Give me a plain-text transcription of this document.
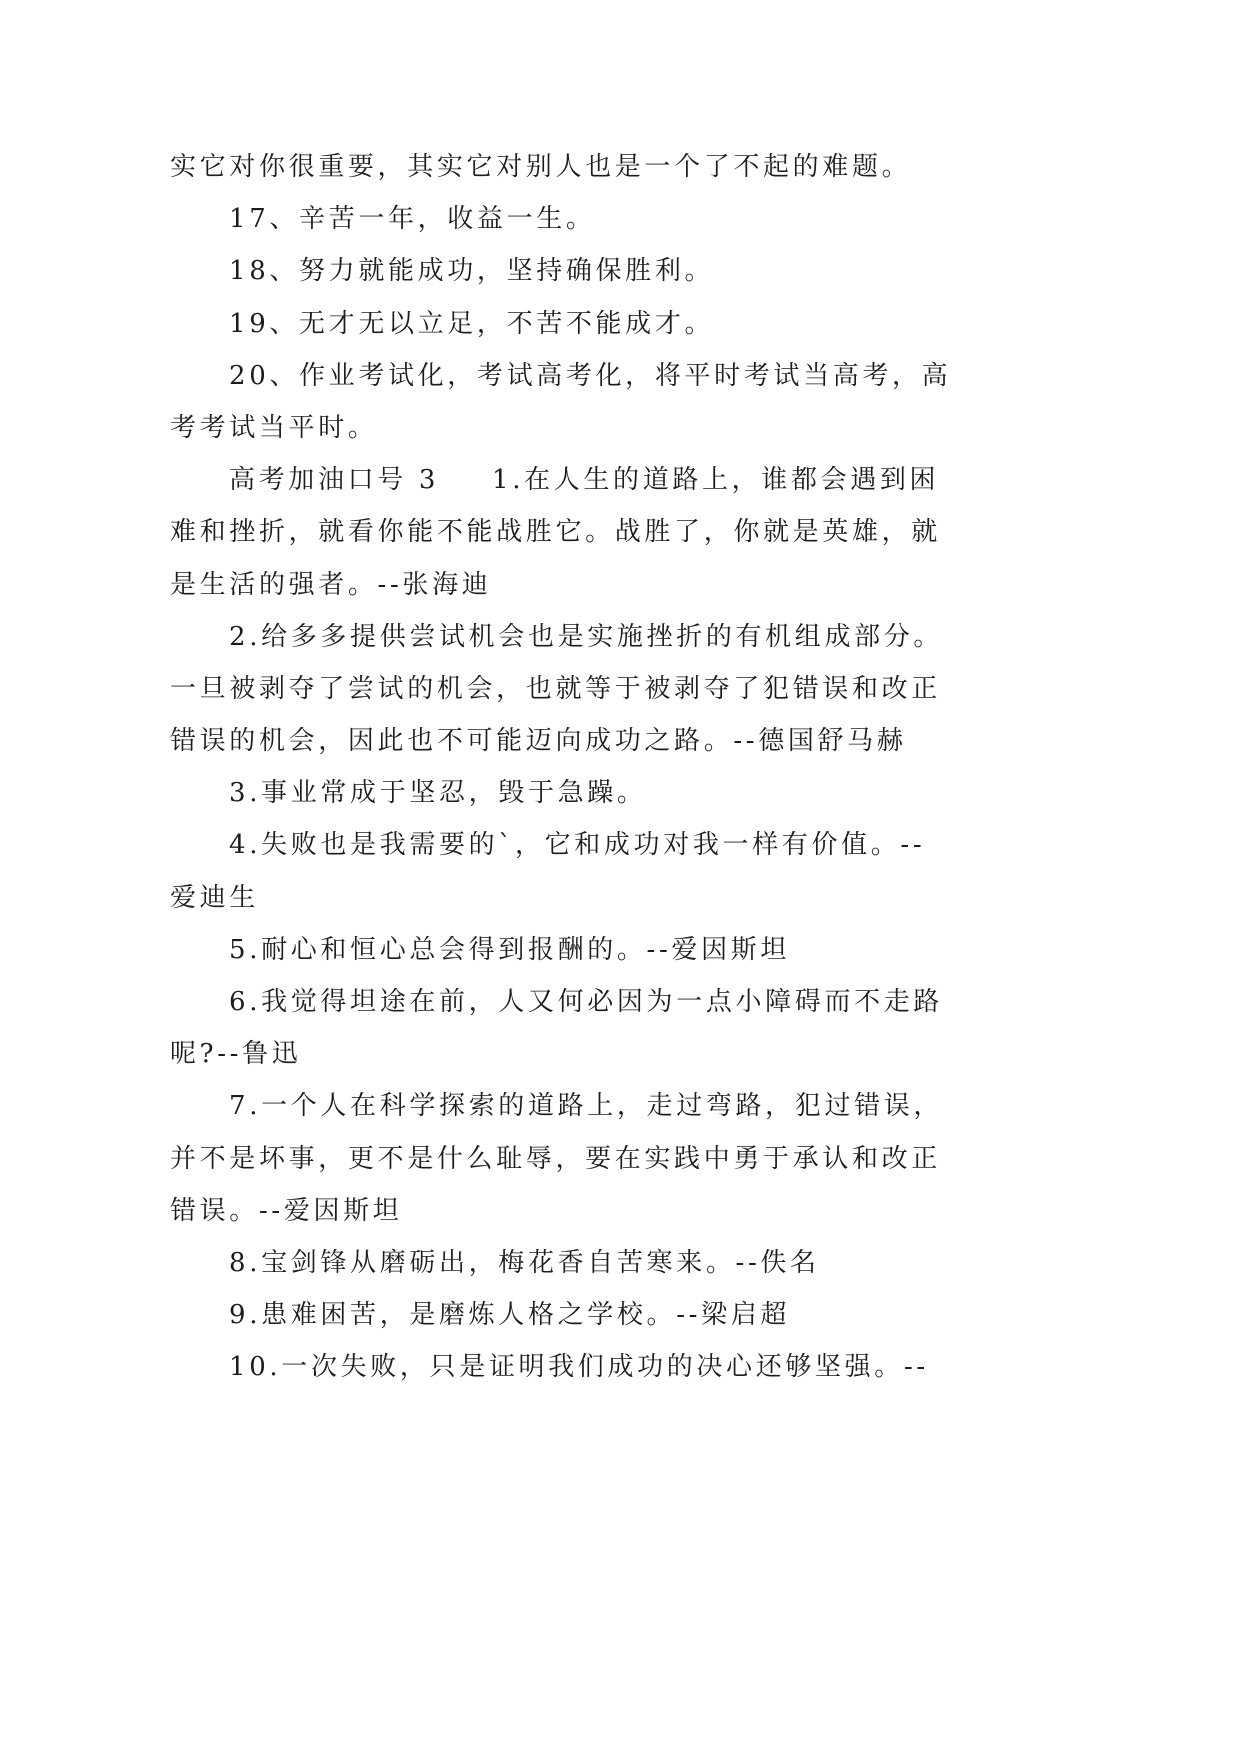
实它对你很重要，其实它对别人也是一个了不起的难题。
17、辛苦一年，收益一生。
18、努力就能成功，坚持确保胜利。
19、无才无以立足，不苦不能成才。
20、作业考试化，考试高考化，将平时考试当高考，高
考考试当平时。
高考加油口号 3 1.在人生的道路上，谁都会遇到困
难和挫折，就看你能不能战胜它。战胜了，你就是英雄，就
是生活的强者。--张海迪
2.给多多提供尝试机会也是实施挫折的有机组成部分。
一旦被剥夺了尝试的机会，也就等于被剥夺了犯错误和改正
错误的机会，因此也不可能迈向成功之路。--德国舒马赫
3.事业常成于坚忍，毁于急躁。
4.失败也是我需要的`，它和成功对我一样有价值。--
爱迪生
5.耐心和恒心总会得到报酬的。--爱因斯坦
6.我觉得坦途在前，人又何必因为一点小障碍而不走路
呢?--鲁迅
7.一个人在科学探索的道路上，走过弯路，犯过错误，
并不是坏事，更不是什么耻辱，要在实践中勇于承认和改正
错误。--爱因斯坦
8.宝剑锋从磨砺出，梅花香自苦寒来。--佚名
9.患难困苦，是磨炼人格之学校。--梁启超
10.一次失败，只是证明我们成功的决心还够坚强。--
